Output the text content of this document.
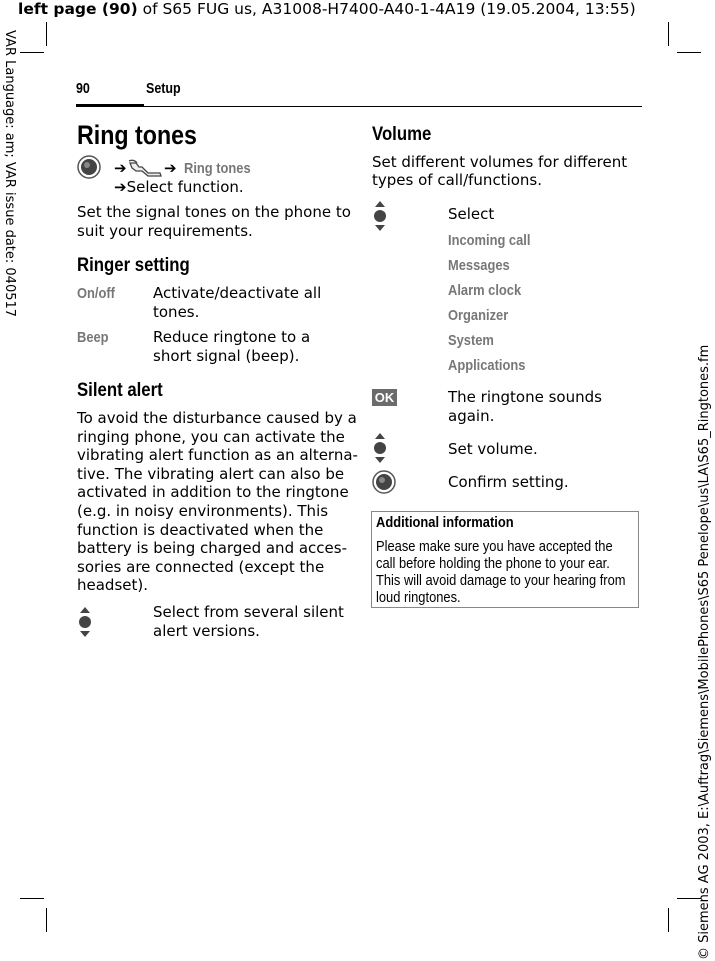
left page (90) of S65 FUG us, A31008-H7400-A40-1-4A19 (19.05.2004, 13:55)
VAR Language: am; VAR issue date: 040517
© Siemens AG 2003, E:\Auftrag\Siemens\MobilePhones\S65 Penelope\us\LA\S65_Ringtones.fm
90	Setup
Ring tones
➔ ➔ Ring tones
➔Select function.
Set the signal tones on the phone to suit your requirements.
Ringer setting
On/off	Activate/deactivate all
tones.
Beep	Reduce ringtone to a
short signal (beep).
Silent alert
To avoid the disturbance caused by a
ringing phone, you can activate the
vibrating alert function as an alterna-
tive. The vibrating alert can also be
activated in addition to the ringtone
(e.g. in noisy environments). This
function is deactivated when the
battery is being charged and acces-
sories are connected (except the
headset).
Select from several silent
alert versions.
Volume
Set different volumes for different
types of call/functions.
Select
Incoming call
Messages
Alarm clock
Organizer
System
Applications
OK	The ringtone sounds
again.
Set volume.
Confirm setting.
Additional information
Please make sure you have accepted the
call before holding the phone to your ear.
This will avoid damage to your hearing from
loud ringtones.
